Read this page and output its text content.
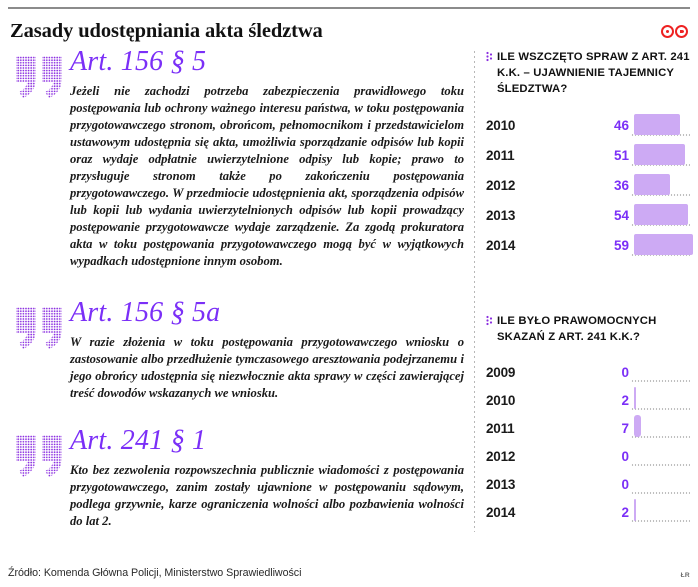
Zasady udostępniania akta śledztwa
Art. 156 § 5
Jeżeli nie zachodzi potrzeba zabezpieczenia prawidłowego toku postępowania lub ochrony ważnego interesu państwa, w toku postępowania przygotowawczego stronom, obrońcom, pełnomocnikom i przedstawicielom ustawowym udostępnia się akta, umożliwia sporządzanie odpisów lub kopii oraz wydaje odpłatnie uwierzytelnione odpisy lub kopie; prawo to przysługuje stronom także po zakończeniu postępowania przygotowawczego. W przedmiocie udostępnienia akt, sporządzenia odpisów lub kopii lub wydania uwierzytelnionych odpisów lub kopii prowadzący postępowanie przygotowawcze wydaje zarządzenie. Za zgodą prokuratora akta w toku postępowania przygotowawczego mogą być w wyjątkowych wypadkach udostępnione innym osobom.
Art. 156 § 5a
W razie złożenia w toku postępowania przygotowawczego wniosku o zastosowanie albo przedłużenie tymczasowego aresztowania podejrzanemu i jego obrońcy udostępnia się niezwłocznie akta sprawy w części zawierającej treść dowodów wskazanych we wniosku.
Art. 241 § 1
Kto bez zezwolenia rozpowszechnia publicznie wiadomości z postępowania przygotowawczego, zanim zostały ujawnione w postępowaniu sądowym, podlega grzywnie, karze ograniczenia wolności albo pozbawienia wolności do lat 2.
ILE WSZCZĘTO SPRAW Z ART. 241 K.K. – UJAWNIENIE TAJEMNICY ŚLEDZTWA?
2010	46
2011	51
2012	36
2013	54
2014	59
ILE BYŁO PRAWOMOCNYCH SKAZAŃ Z ART. 241 K.K.?
2009	0
2010	2
2011	7
2012	0
2013	0
2014	2
Źródło: Komenda Główna Policji, Ministerstwo Sprawiedliwości	ŁR
